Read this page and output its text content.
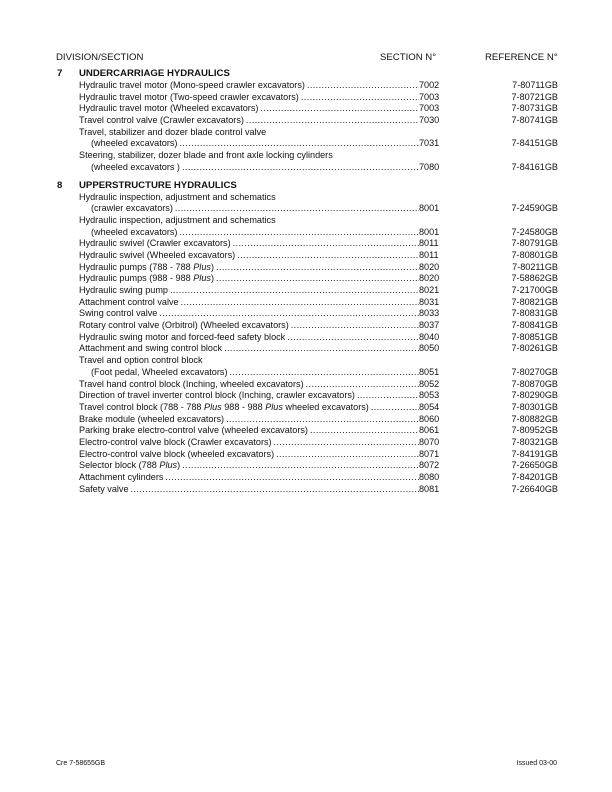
DIVISION/SECTION	SECTION N°	REFERENCE N°
7 UNDERCARRIAGE HYDRAULICS
Hydraulic travel motor (Mono-speed crawler excavators) .....	7002	7-80711GB
Hydraulic travel motor (Two-speed crawler excavators) .....	7003	7-80721GB
Hydraulic travel motor (Wheeled excavators) .....	7003	7-80731GB
Travel control valve (Crawler excavators) .....	7030	7-80741GB
Travel, stabilizer and dozer blade control valve
(wheeled excavators) .....	7031	7-84151GB
Steering, stabilizer, dozer blade and front axle locking cylinders
(wheeled excavators ) .....	7080	7-84161GB
8 UPPERSTRUCTURE HYDRAULICS
Hydraulic inspection, adjustment and schematics
(crawler excavators) .....	8001	7-24590GB
Hydraulic inspection, adjustment and schematics
(wheeled excavators) .....	8001	7-24580GB
Hydraulic swivel (Crawler excavators) .....	8011	7-80791GB
Hydraulic swivel (Wheeled excavators) .....	8011	7-80801GB
Hydraulic pumps (788 - 788 Plus) .....	8020	7-80211GB
Hydraulic pumps (988 - 988 Plus) .....	8020	7-58862GB
Hydraulic swing pump .....	8021	7-21700GB
Attachment control valve .....	8031	7-80821GB
Swing control valve .....	8033	7-80831GB
Rotary control valve (Orbitrol) (Wheeled excavators) .....	8037	7-80841GB
Hydraulic swing motor and forced-feed safety block .....	8040	7-80851GB
Attachment and swing control block .....	8050	7-80261GB
Travel and option control block
(Foot pedal, Wheeled excavators) .....	8051	7-80270GB
Travel hand control block (Inching, wheeled excavators) .....	8052	7-80870GB
Direction of travel inverter control block (Inching, crawler excavators) .....	8053	7-80290GB
Travel control block (788 - 788 Plus 988 - 988 Plus wheeled excavators) .....	8054	7-80301GB
Brake module (wheeled excavators) .....	8060	7-80882GB
Parking brake electro-control valve (wheeled excavators) .....	8061	7-80952GB
Electro-control valve block (Crawler excavators) .....	8070	7-80321GB
Electro-control valve block (wheeled excavators) .....	8071	7-84191GB
Selector block (788 Plus) .....	8072	7-26650GB
Attachment cylinders .....	8080	7-84201GB
Safety valve .....	8081	7-26640GB
Cre 7-58655GB	Issued 03-00
